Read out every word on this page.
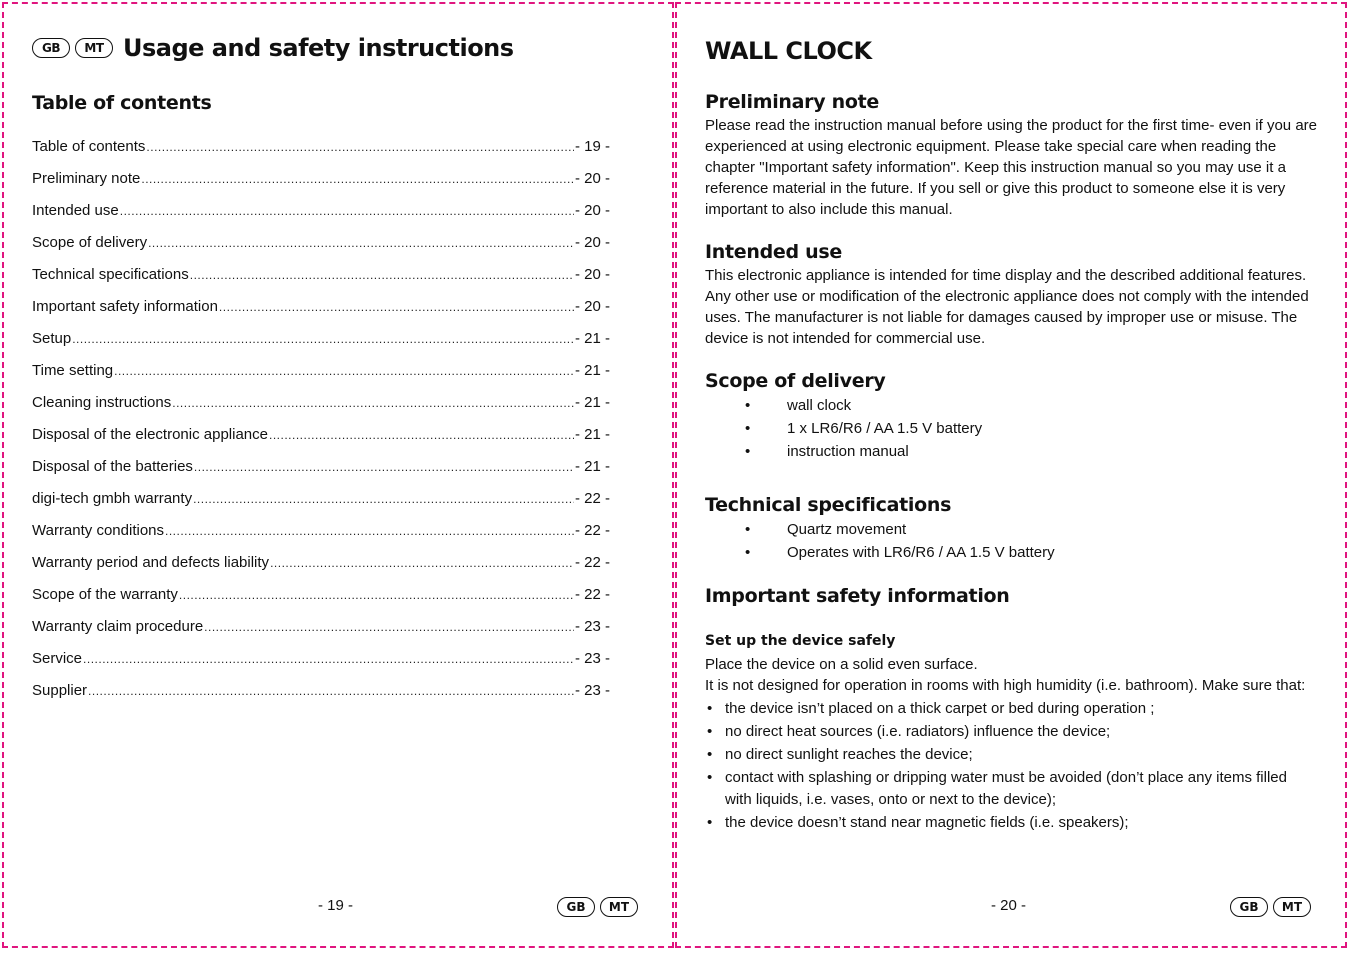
GB	MT Usage and safety instructions
Table of contents
Table of contents .....	- 19 -
Preliminary note .....	- 20 -
Intended use .....	- 20 -
Scope of delivery .....	- 20 -
Technical specifications .....	- 20 -
Important safety information .....	- 20 -
Setup .....	- 21 -
Time setting .....	- 21 -
Cleaning instructions .....	- 21 -
Disposal of the electronic appliance .....	- 21 -
Disposal of the batteries .....	- 21 -
digi-tech gmbh warranty .....	- 22 -
Warranty conditions .....	- 22 -
Warranty period and defects liability .....	- 22 -
Scope of the warranty .....	- 22 -
Warranty claim procedure .....	- 23 -
Service .....	- 23 -
Supplier .....	- 23 -
- 19 -	GB	MT
WALL CLOCK
Preliminary note

Please read the instruction manual before using the product for the first time- even if you are experienced at using electronic equipment. Please take special care when reading the chapter "Important safety information". Keep this instruction manual so you may use it a reference material in the future. If you sell or give this product to someone else it is very important to also include this manual.

Intended use

This electronic appliance is intended for time display and the described additional features. Any other use or modification of the electronic appliance does not comply with the intended uses. The manufacturer is not liable for damages caused by improper use or misuse. The device is not intended for commercial use.

Scope of delivery
• wall clock
• 1 x LR6/R6 / AA 1.5 V battery
• instruction manual
Technical specifications
• Quartz movement
• Operates with LR6/R6 / AA 1.5 V battery
Important safety information
Set up the device safely

Place the device on a solid even surface.

It is not designed for operation in rooms with high humidity (i.e. bathroom). Make sure that:

• the device isn’t placed on a thick carpet or bed during operation ;
• no direct heat sources (i.e. radiators) influence the device;
• no direct sunlight reaches the device;
• contact with splashing or dripping water must be avoided (don’t place any items filled with liquids, i.e. vases, onto or next to the device);
• the device doesn’t stand near magnetic fields (i.e. speakers);
- 20 -	GB	MT
